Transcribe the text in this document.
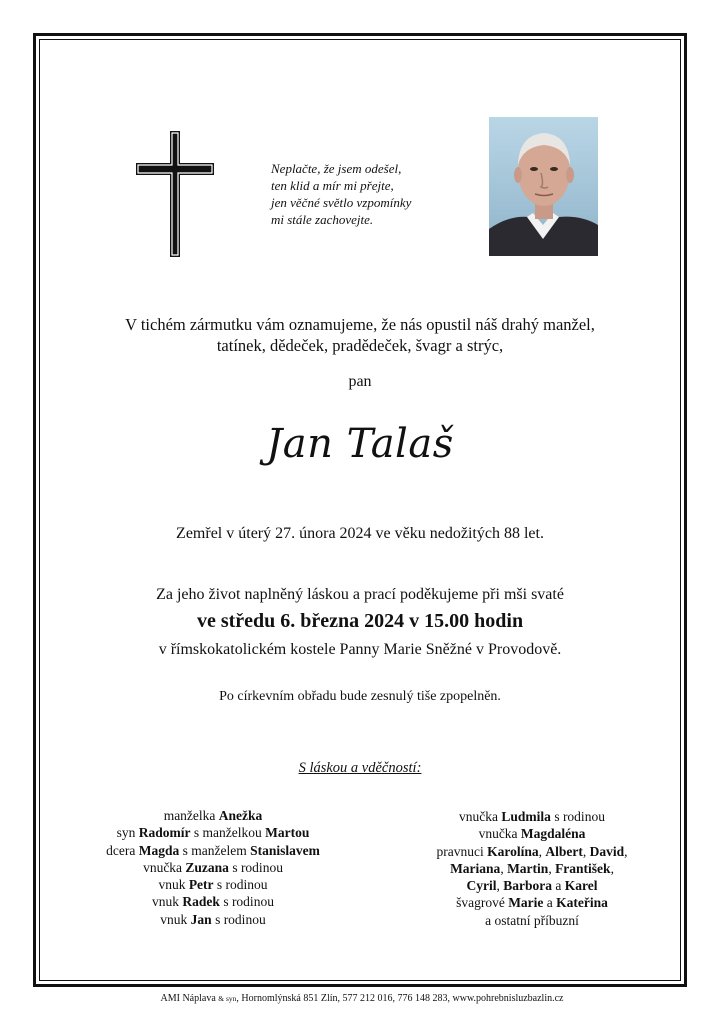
Neplačte, že jsem odešel,
ten klid a mír mi přejte,
jen věčné světlo vzpomínky
mi stále zachovejte.
V tichém zármutku vám oznamujeme, že nás opustil náš drahý manžel,
tatínek, dědeček, pradědeček, švagr a strýc,
pan
Jan Talaš
Zemřel v úterý 27. února 2024 ve věku nedožitých 88 let.
Za jeho život naplněný láskou a prací poděkujeme při mši svaté
ve středu 6. března 2024 v 15.00 hodin
v římskokatolickém kostele Panny Marie Sněžné v Provodově.
Po církevním obřadu bude zesnulý tiše zpopelněn.
S láskou a vděčností:
manželka Anežka
syn Radomír s manželkou Martou
dcera Magda s manželem Stanislavem
vnučka Zuzana s rodinou
vnuk Petr s rodinou
vnuk Radek s rodinou
vnuk Jan s rodinou
vnučka Ludmila s rodinou
vnučka Magdaléna
pravnuci Karolína, Albert, David,
Mariana, Martin, František,
Cyril, Barbora a Karel
švagrové Marie a Kateřina
a ostatní příbuzní
AMI Náplava & syn, Hornomlýnská 851 Zlín, 577 212 016, 776 148 283, www.pohrebnisluzbazlin.cz
